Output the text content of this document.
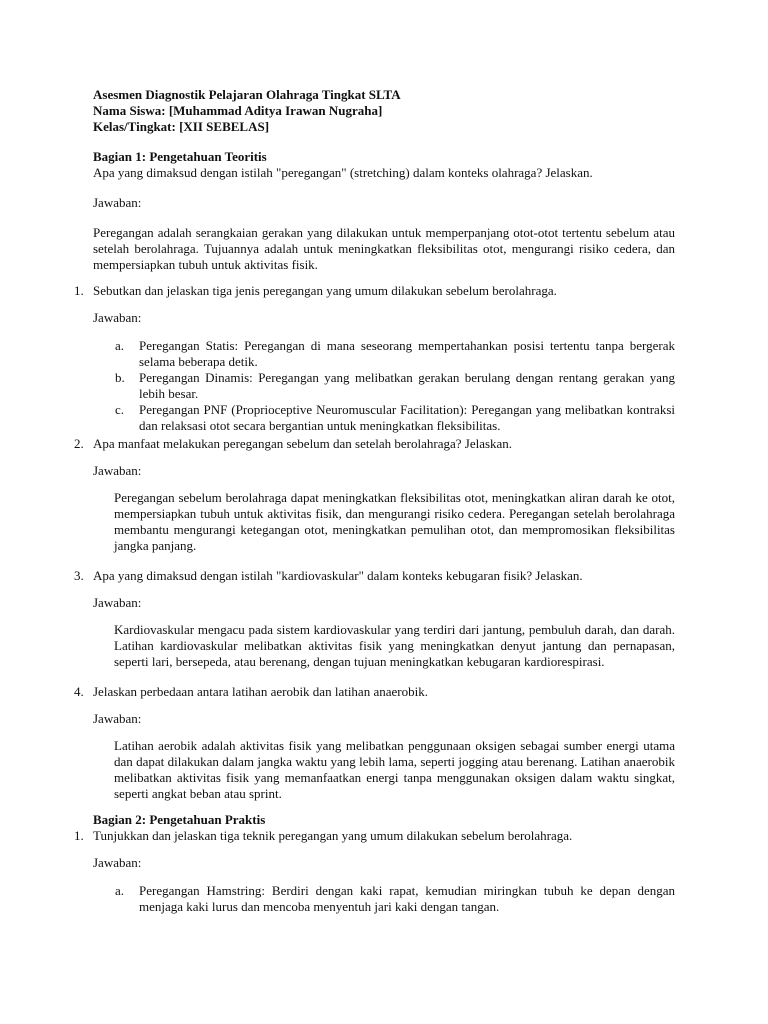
Asesmen Diagnostik Pelajaran Olahraga Tingkat SLTA

Nama Siswa: [Muhammad Aditya Irawan Nugraha]

Kelas/Tingkat: [XII SEBELAS]

Bagian 1: Pengetahuan Teoritis

Apa yang dimaksud dengan istilah "peregangan" (stretching) dalam konteks olahraga? Jelaskan.

Jawaban:

Peregangan adalah serangkaian gerakan yang dilakukan untuk memperpanjang otot-otot tertentu sebelum atau setelah berolahraga. Tujuannya adalah untuk meningkatkan fleksibilitas otot, mengurangi risiko cedera, dan mempersiapkan tubuh untuk aktivitas fisik.

1. Sebutkan dan jelaskan tiga jenis peregangan yang umum dilakukan sebelum berolahraga.

Jawaban:

a. Peregangan Statis: Peregangan di mana seseorang mempertahankan posisi tertentu tanpa bergerak selama beberapa detik.
b. Peregangan Dinamis: Peregangan yang melibatkan gerakan berulang dengan rentang gerakan yang lebih besar.
c. Peregangan PNF (Proprioceptive Neuromuscular Facilitation): Peregangan yang melibatkan kontraksi dan relaksasi otot secara bergantian untuk meningkatkan fleksibilitas.
2. Apa manfaat melakukan peregangan sebelum dan setelah berolahraga? Jelaskan.

Jawaban:

Peregangan sebelum berolahraga dapat meningkatkan fleksibilitas otot, meningkatkan aliran darah ke otot, mempersiapkan tubuh untuk aktivitas fisik, dan mengurangi risiko cedera. Peregangan setelah berolahraga membantu mengurangi ketegangan otot, meningkatkan pemulihan otot, dan mempromosikan fleksibilitas jangka panjang.

3. Apa yang dimaksud dengan istilah "kardiovaskular" dalam konteks kebugaran fisik? Jelaskan.

Jawaban:

Kardiovaskular mengacu pada sistem kardiovaskular yang terdiri dari jantung, pembuluh darah, dan darah. Latihan kardiovaskular melibatkan aktivitas fisik yang meningkatkan denyut jantung dan pernapasan, seperti lari, bersepeda, atau berenang, dengan tujuan meningkatkan kebugaran kardiorespirasi.

4. Jelaskan perbedaan antara latihan aerobik dan latihan anaerobik.

Jawaban:

Latihan aerobik adalah aktivitas fisik yang melibatkan penggunaan oksigen sebagai sumber energi utama dan dapat dilakukan dalam jangka waktu yang lebih lama, seperti jogging atau berenang. Latihan anaerobik melibatkan aktivitas fisik yang memanfaatkan energi tanpa menggunakan oksigen dalam waktu singkat, seperti angkat beban atau sprint.

Bagian 2: Pengetahuan Praktis

1. Tunjukkan dan jelaskan tiga teknik peregangan yang umum dilakukan sebelum berolahraga.

Jawaban:

a. Peregangan Hamstring: Berdiri dengan kaki rapat, kemudian miringkan tubuh ke depan dengan menjaga kaki lurus dan mencoba menyentuh jari kaki dengan tangan.
